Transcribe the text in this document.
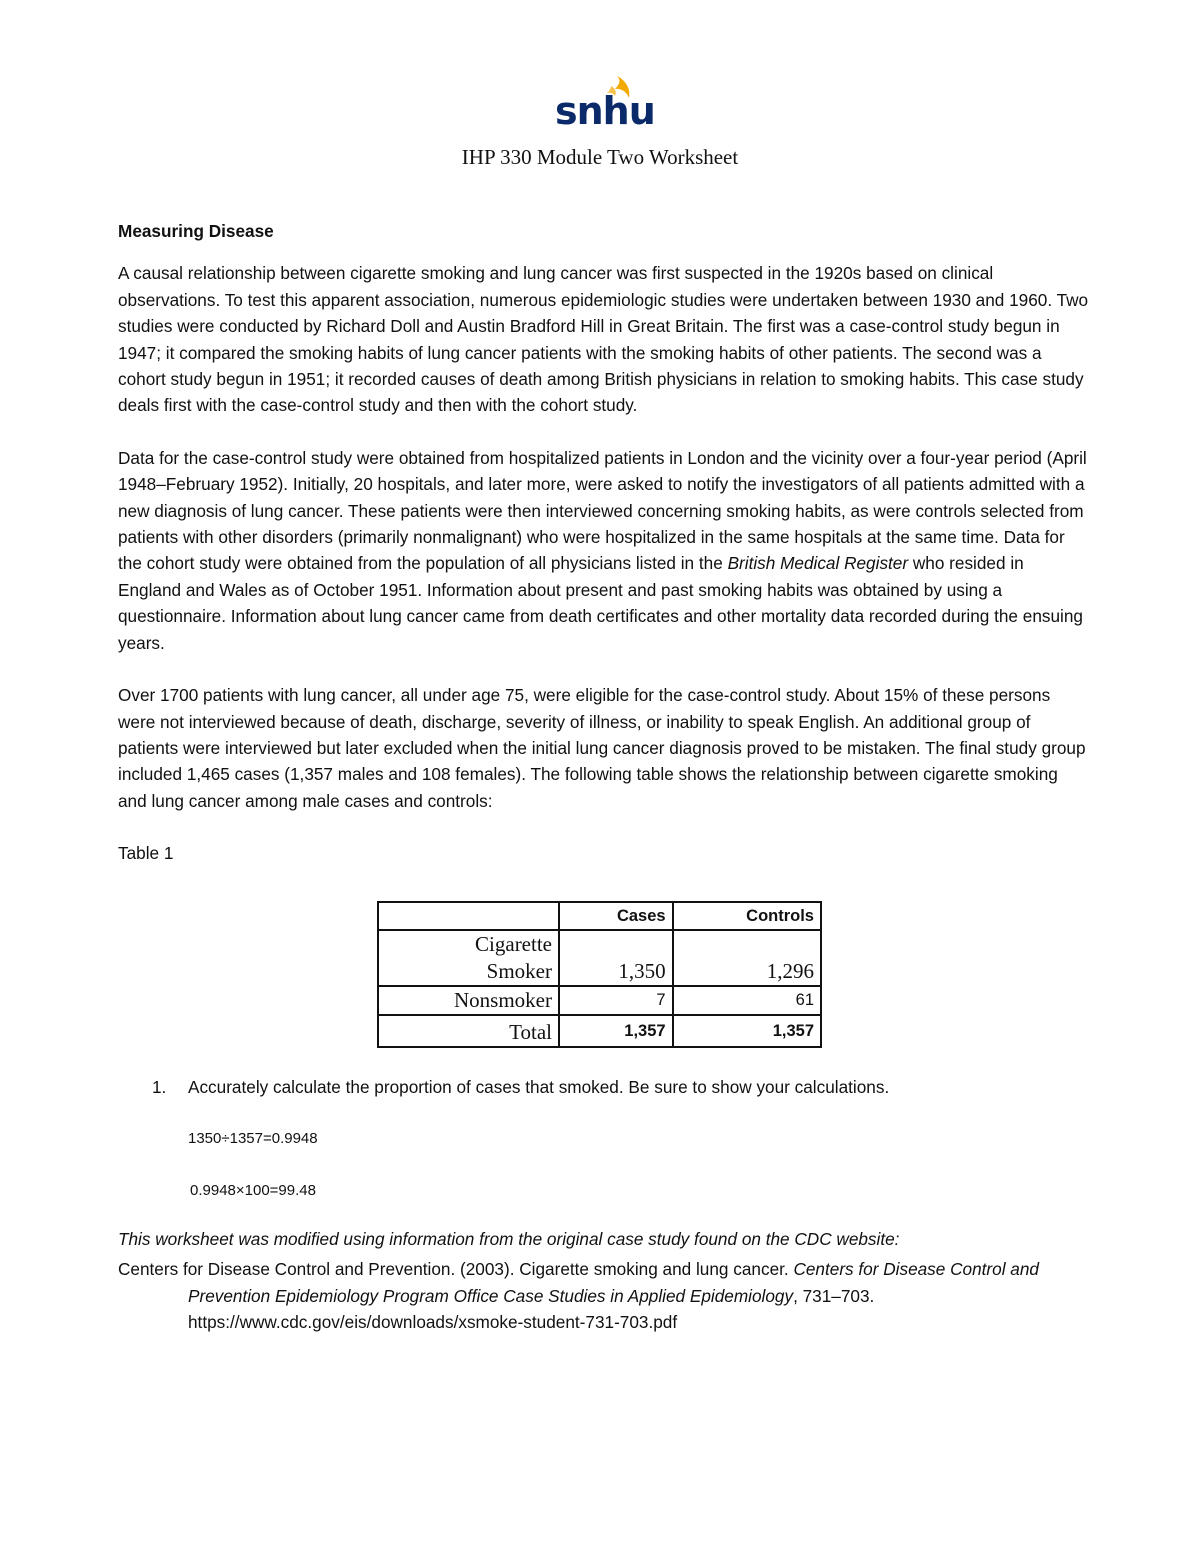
snhu
IHP 330 Module Two Worksheet
Measuring Disease

A causal relationship between cigarette smoking and lung cancer was first suspected in the 1920s based on clinical observations. To test this apparent association, numerous epidemiologic studies were undertaken between 1930 and 1960. Two studies were conducted by Richard Doll and Austin Bradford Hill in Great Britain. The first was a case-control study begun in 1947; it compared the smoking habits of lung cancer patients with the smoking habits of other patients. The second was a cohort study begun in 1951; it recorded causes of death among British physicians in relation to smoking habits. This case study deals first with the case-control study and then with the cohort study.

Data for the case-control study were obtained from hospitalized patients in London and the vicinity over a four-year period (April 1948–February 1952). Initially, 20 hospitals, and later more, were asked to notify the investigators of all patients admitted with a new diagnosis of lung cancer. These patients were then interviewed concerning smoking habits, as were controls selected from patients with other disorders (primarily nonmalignant) who were hospitalized in the same hospitals at the same time. Data for the cohort study were obtained from the population of all physicians listed in the British Medical Register who resided in England and Wales as of October 1951. Information about present and past smoking habits was obtained by using a questionnaire. Information about lung cancer came from death certificates and other mortality data recorded during the ensuing years.

Over 1700 patients with lung cancer, all under age 75, were eligible for the case-control study. About 15% of these persons were not interviewed because of death, discharge, severity of illness, or inability to speak English. An additional group of patients were interviewed but later excluded when the initial lung cancer diagnosis proved to be mistaken. The final study group included 1,465 cases (1,357 males and 108 females). The following table shows the relationship between cigarette smoking and lung cancer among male cases and controls:

Table 1
	Cases	Controls

Cigarette
Smoker	1,350	1,296
Nonsmoker	7	61
Total	1,357	1,357
1. Accurately calculate the proportion of cases that smoked. Be sure to show your calculations.
1350÷1357=0.9948
0.9948×100=99.48
This worksheet was modified using information from the original case study found on the CDC website:
Centers for Disease Control and Prevention. (2003). Cigarette smoking and lung cancer. Centers for Disease Control and Prevention Epidemiology Program Office Case Studies in Applied Epidemiology, 731–703.
https://www.cdc.gov/eis/downloads/xsmoke-student-731-703.pdf
